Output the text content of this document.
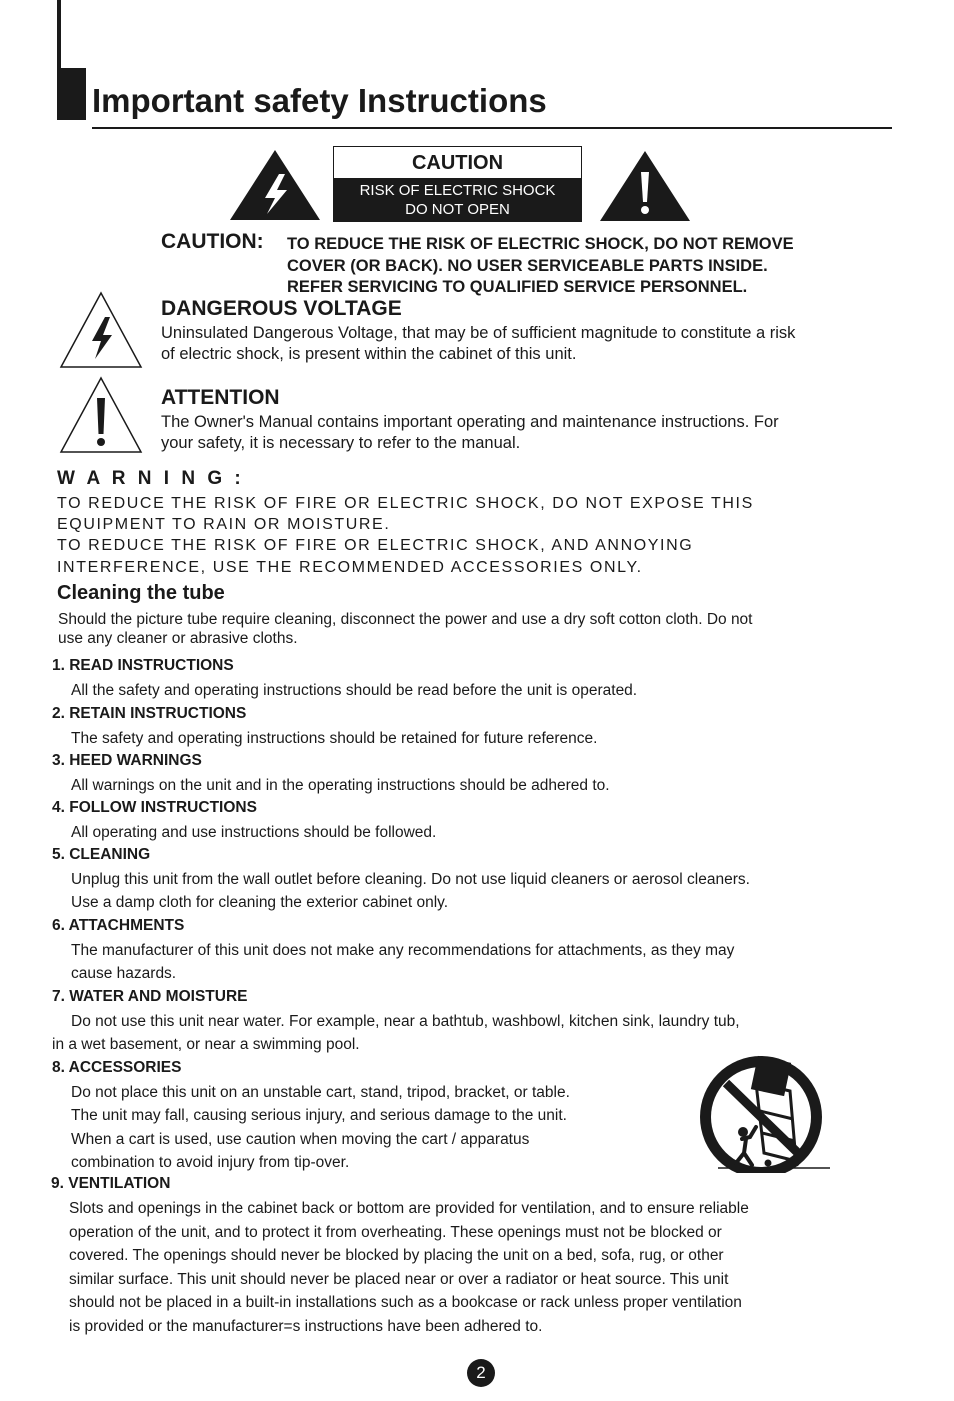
Important safety Instructions
CAUTION
RISK OF ELECTRIC SHOCK
DO NOT OPEN
CAUTION: TO REDUCE THE RISK OF ELECTRIC SHOCK, DO NOT REMOVE
COVER (OR BACK). NO USER SERVICEABLE PARTS INSIDE.
REFER SERVICING TO QUALIFIED SERVICE PERSONNEL.
DANGEROUS VOLTAGE
Uninsulated Dangerous Voltage, that may be of sufficient magnitude to constitute a risk
of electric shock, is present within the cabinet of this unit.
ATTENTION
The Owner's Manual contains important operating and maintenance instructions. For
your safety, it is necessary to refer to the manual.
W A R N I N G :
TO REDUCE THE RISK OF FIRE OR ELECTRIC SHOCK, DO NOT EXPOSE THIS
EQUIPMENT TO RAIN OR MOISTURE.
TO REDUCE THE RISK OF FIRE OR ELECTRIC SHOCK, AND ANNOYING
INTERFERENCE, USE THE RECOMMENDED ACCESSORIES ONLY.
Cleaning the tube
Should the picture tube require cleaning, disconnect the power and use a dry soft cotton cloth. Do not
use any cleaner or abrasive cloths.
1. READ INSTRUCTIONS
All the safety and operating instructions should be read before the unit is operated.
2. RETAIN INSTRUCTIONS
The safety and operating instructions should be retained for future reference.
3. HEED WARNINGS
All warnings on the unit and in the operating instructions should be adhered to.
4. FOLLOW INSTRUCTIONS
All operating and use instructions should be followed.
5. CLEANING
Unplug this unit from the wall outlet before cleaning. Do not use liquid cleaners or aerosol cleaners.
Use a damp cloth for cleaning the exterior cabinet only.
6. ATTACHMENTS
The manufacturer of this unit does not make any recommendations for attachments, as they may
cause hazards.
7. WATER AND MOISTURE
Do not use this unit near water. For example, near a bathtub, washbowl, kitchen sink, laundry tub,
in a wet basement, or near a swimming pool.
8. ACCESSORIES
Do not place this unit on an unstable cart, stand, tripod, bracket, or table.
The unit may fall, causing serious injury, and serious damage to the unit.
When a cart is used, use caution when moving the cart / apparatus
combination to avoid injury from tip-over.
9. VENTILATION
Slots and openings in the cabinet back or bottom are provided for ventilation, and to ensure reliable
operation of the unit, and to protect it from overheating. These openings must not be blocked or
covered. The openings should never be blocked by placing the unit on a bed, sofa, rug, or other
similar surface. This unit should never be placed near or over a radiator or heat source. This unit
should not be placed in a built-in installations such as a bookcase or rack unless proper ventilation
is provided or the manufacturer=s instructions have been adhered to.
2
